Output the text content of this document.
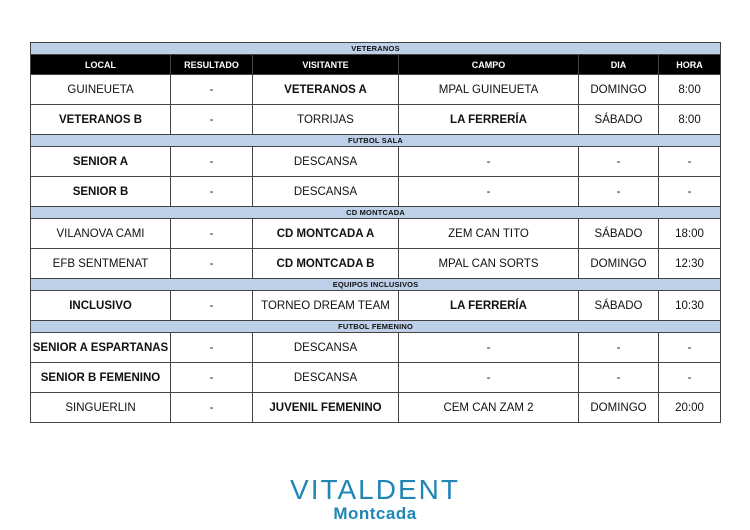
VETERANOS					
LOCAL	RESULTADO	VISITANTE	CAMPO	DIA	HORA
GUINEUETA	-	VETERANOS A	MPAL GUINEUETA	DOMINGO	8:00
VETERANOS B	-	TORRIJAS	LA FERRERÍA	SÁBADO	8:00
FUTBOL SALA					
SENIOR A	-	DESCANSA	-	-	-
SENIOR B	-	DESCANSA	-	-	-
CD MONTCADA					
VILANOVA CAMI	-	CD MONTCADA A	ZEM CAN TITO	SÁBADO	18:00
EFB SENTMENAT	-	CD MONTCADA B	MPAL CAN SORTS	DOMINGO	12:30
EQUIPOS INCLUSIVOS					
INCLUSIVO	-	TORNEO DREAM TEAM	LA FERRERÍA	SÁBADO	10:30
FUTBOL FEMENINO					
SENIOR A ESPARTANAS	-	DESCANSA	-	-	-
SENIOR B FEMENINO	-	DESCANSA	-	-	-
SINGUERLIN	-	JUVENIL FEMENINO	CEM CAN ZAM 2	DOMINGO	20:00
VITALDENT
Montcada
